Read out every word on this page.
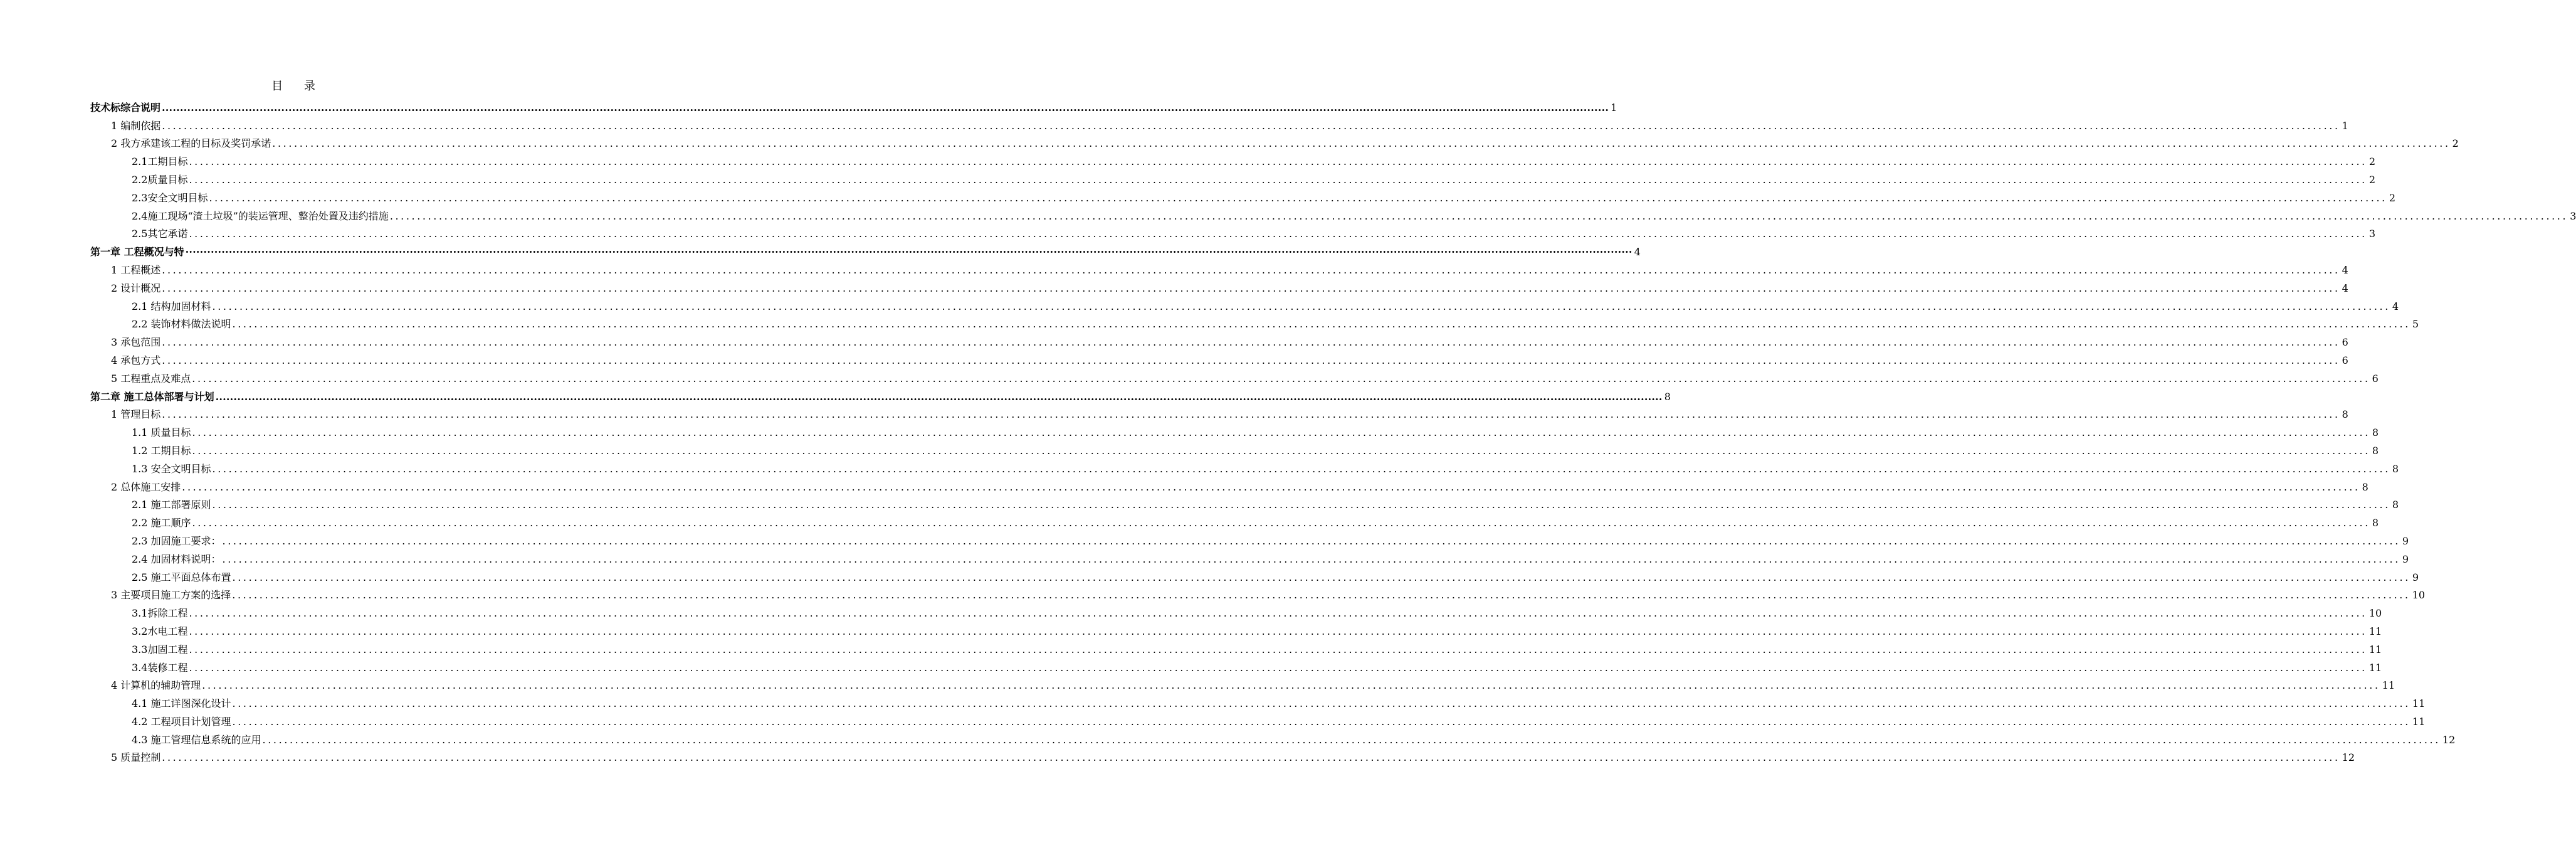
目 录
技术标综合说明 ................................................................................................................................................................................................................................................................................................................................................................................................................ 1
1 编制依据 ................................................................................................................................................................................................................................................................................................................................................................................................................ 1
2 我方承建该工程的目标及奖罚承诺 ................................................................................................................................................................................................................................................................................................................................................................................................................ 2
2.1工期目标 ................................................................................................................................................................................................................................................................................................................................................................................................................ 2
2.2质量目标 ................................................................................................................................................................................................................................................................................................................................................................................................................ 2
2.3安全文明目标 ................................................................................................................................................................................................................................................................................................................................................................................................................ 2
2.4施工现场“渣土垃圾”的装运管理、整治处置及违约措施 ................................................................................................................................................................................................................................................................................................................................................................................................................ 3
2.5其它承诺 ................................................................................................................................................................................................................................................................................................................................................................................................................ 3
第一章 工程概况与特 ················································································································································································································································································································································································································ 4
1 工程概述 ................................................................................................................................................................................................................................................................................................................................................................................................................ 4
2 设计概况 ................................................................................................................................................................................................................................................................................................................................................................................................................ 4
2.1 结构加固材料 ................................................................................................................................................................................................................................................................................................................................................................................................................ 4
2.2 装饰材料做法说明 ................................................................................................................................................................................................................................................................................................................................................................................................................ 5
3 承包范围 ................................................................................................................................................................................................................................................................................................................................................................................................................ 6
4 承包方式 ................................................................................................................................................................................................................................................................................................................................................................................................................ 6
5 工程重点及难点 ................................................................................................................................................................................................................................................................................................................................................................................................................ 6
第二章 施工总体部署与计划 ................................................................................................................................................................................................................................................................................................................................................................................................................ 8
1 管理目标 ................................................................................................................................................................................................................................................................................................................................................................................................................ 8
1.1 质量目标 ................................................................................................................................................................................................................................................................................................................................................................................................................ 8
1.2 工期目标 ................................................................................................................................................................................................................................................................................................................................................................................................................ 8
1.3 安全文明目标 ................................................................................................................................................................................................................................................................................................................................................................................................................ 8
2 总体施工安排 ................................................................................................................................................................................................................................................................................................................................................................................................................ 8
2.1 施工部署原则 ................................................................................................................................................................................................................................................................................................................................................................................................................ 8
2.2 施工顺序 ................................................................................................................................................................................................................................................................................................................................................................................................................ 8
2.3 加固施工要求： ................................................................................................................................................................................................................................................................................................................................................................................................................ 9
2.4 加固材料说明： ................................................................................................................................................................................................................................................................................................................................................................................................................ 9
2.5 施工平面总体布置 ................................................................................................................................................................................................................................................................................................................................................................................................................ 9
3 主要项目施工方案的选择 ................................................................................................................................................................................................................................................................................................................................................................................................................ 10
3.1拆除工程 ................................................................................................................................................................................................................................................................................................................................................................................................................ 10
3.2水电工程 ................................................................................................................................................................................................................................................................................................................................................................................................................ 11
3.3加固工程 ................................................................................................................................................................................................................................................................................................................................................................................................................ 11
3.4装修工程 ................................................................................................................................................................................................................................................................................................................................................................................................................ 11
4 计算机的辅助管理 ................................................................................................................................................................................................................................................................................................................................................................................................................ 11
4.1 施工详图深化设计 ................................................................................................................................................................................................................................................................................................................................................................................................................ 11
4.2 工程项目计划管理 ................................................................................................................................................................................................................................................................................................................................................................................................................ 11
4.3 施工管理信息系统的应用 ................................................................................................................................................................................................................................................................................................................................................................................................................ 12
5 质量控制 ................................................................................................................................................................................................................................................................................................................................................................................................................ 12
